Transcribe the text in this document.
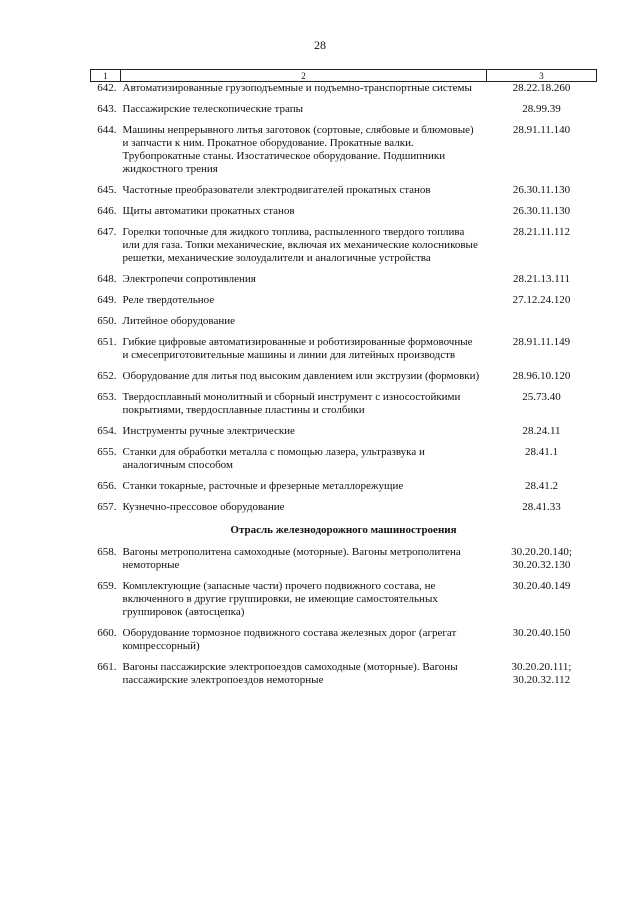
28
1	2	3
642.	Автоматизированные грузоподъемные и подъемно-транспортные системы	28.22.18.260
643.	Пассажирские телескопические трапы	28.99.39
644.	Машины непрерывного литья заготовок (сортовые, слябовые и блюмовые) и запчасти к ним. Прокатное оборудование. Прокатные валки. Трубопрокатные станы. Изостатическое оборудование. Подшипники жидкостного трения	28.91.11.140
645.	Частотные преобразователи электродвигателей прокатных станов	26.30.11.130
646.	Щиты автоматики прокатных станов	26.30.11.130
647.	Горелки топочные для жидкого топлива, распыленного твердого топлива или для газа. Топки механические, включая их механические колосниковые решетки, механические золоудалители и аналогичные устройства	28.21.11.112
648.	Электропечи сопротивления	28.21.13.111
649.	Реле твердотельное	27.12.24.120
650.	Литейное оборудование	
651.	Гибкие цифровые автоматизированные и роботизированные формовочные и смесеприготовительные машины и линии для литейных производств	28.91.11.149
652.	Оборудование для литья под высоким давлением или экструзии (формовки)	28.96.10.120
653.	Твердосплавный монолитный и сборный инструмент с износостойкими покрытиями, твердосплавные пластины и столбики	25.73.40
654.	Инструменты ручные электрические	28.24.11
655.	Станки для обработки металла с помощью лазера, ультразвука и аналогичным способом	28.41.1
656.	Станки токарные, расточные и фрезерные металлорежущие	28.41.2
657.	Кузнечно-прессовое оборудование	28.41.33
Отрасль железнодорожного машиностроения		
658.	Вагоны метрополитена самоходные (моторные). Вагоны метрополитена немоторные	30.20.20.140;
30.20.32.130
659.	Комплектующие (запасные части) прочего подвижного состава, не включенного в другие группировки, не имеющие самостоятельных группировок (автосцепка)	30.20.40.149
660.	Оборудование тормозное подвижного состава железных дорог (агрегат компрессорный)	30.20.40.150
661.	Вагоны пассажирские электропоездов самоходные (моторные). Вагоны пассажирские электропоездов немоторные	30.20.20.111;
30.20.32.112
